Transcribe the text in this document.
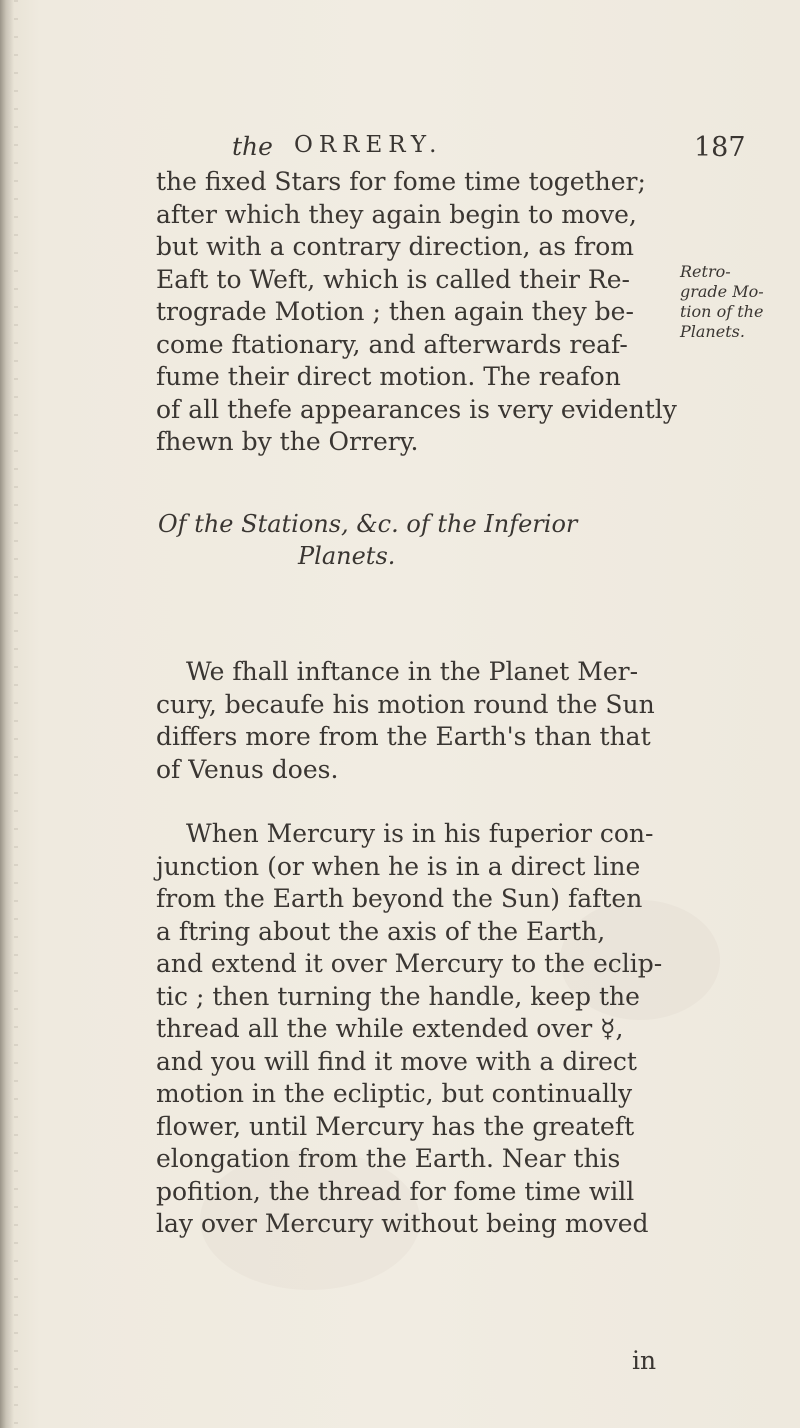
the ORRERY.	187
the fixed Stars for fome time together;
after which they again begin to move,
but with a contrary direction, as from
Eaft to Weft, which is called their Re-
trograde Motion ; then again they be-
come ftationary, and afterwards reaf-
fume their direct motion. The reafon
of all thefe appearances is very evidently
fhewn by the Orrery.
Retro-
grade Mo-
tion of the
Planets.
Of the Stations, &c. of the Inferior
Planets.
We fhall inftance in the Planet Mer-
cury, becaufe his motion round the Sun
differs more from the Earth's than that
of Venus does.
When Mercury is in his fuperior con-
junction (or when he is in a direct line
from the Earth beyond the Sun) faften
a ftring about the axis of the Earth,
and extend it over Mercury to the eclip-
tic ; then turning the handle, keep the
thread all the while extended over ☿,
and you will find it move with a direct
motion in the ecliptic, but continually
flower, until Mercury has the greateft
elongation from the Earth. Near this
pofition, the thread for fome time will
lay over Mercury without being moved
in
